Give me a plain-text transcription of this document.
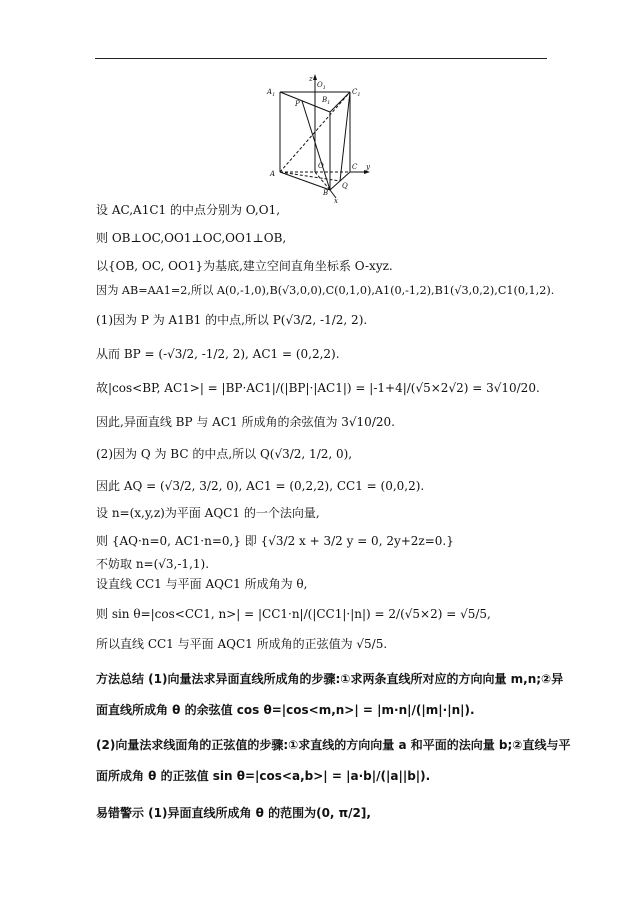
$A_1$
$O_1$
$B_1$
$C_1$
P
z
A
O	C y
B
Q
x
设 AC,A1C1 的中点分别为 O,O1,
则 OB⊥OC,OO1⊥OC,OO1⊥OB,
以{OB, OC, OO1}为基底,建立空间直角坐标系 O-xyz.
因为 AB=AA1=2,所以 A(0,-1,0),B(√3,0,0),C(0,1,0),A1(0,-1,2),B1(√3,0,2),C1(0,1,2).
(1)因为 P 为 A1B1 的中点,所以 P(√3/2, -1/2, 2).
从而 BP = (-√3/2, -1/2, 2), AC1 = (0,2,2).
故|cos<BP, AC1>| = |BP·AC1|/(|BP|·|AC1|) = |-1+4|/(√5×2√2) = 3√10/20.
因此,异面直线 BP 与 AC1 所成角的余弦值为 3√10/20.
(2)因为 Q 为 BC 的中点,所以 Q(√3/2, 1/2, 0),
因此 AQ = (√3/2, 3/2, 0), AC1 = (0,2,2), CC1 = (0,0,2).
设 n=(x,y,z)为平面 AQC1 的一个法向量,
则 {AQ·n=0, AC1·n=0,} 即 {√3/2 x + 3/2 y = 0, 2y+2z=0.}
不妨取 n=(√3,-1,1).
设直线 CC1 与平面 AQC1 所成角为 θ,
则 sin θ=|cos<CC1, n>| = |CC1·n|/(|CC1|·|n|) = 2/(√5×2) = √5/5,
所以直线 CC1 与平面 AQC1 所成角的正弦值为 √5/5.
方法总结 (1)向量法求异面直线所成角的步骤:①求两条直线所对应的方向向量 m,n;②异
面直线所成角 θ 的余弦值 cos θ=|cos<m,n>| = |m·n|/(|m|·|n|).
(2)向量法求线面角的正弦值的步骤:①求直线的方向向量 a 和平面的法向量 b;②直线与平
面所成角 θ 的正弦值 sin θ=|cos<a,b>| = |a·b|/(|a||b|).
易错警示 (1)异面直线所成角 θ 的范围为(0, π/2],
